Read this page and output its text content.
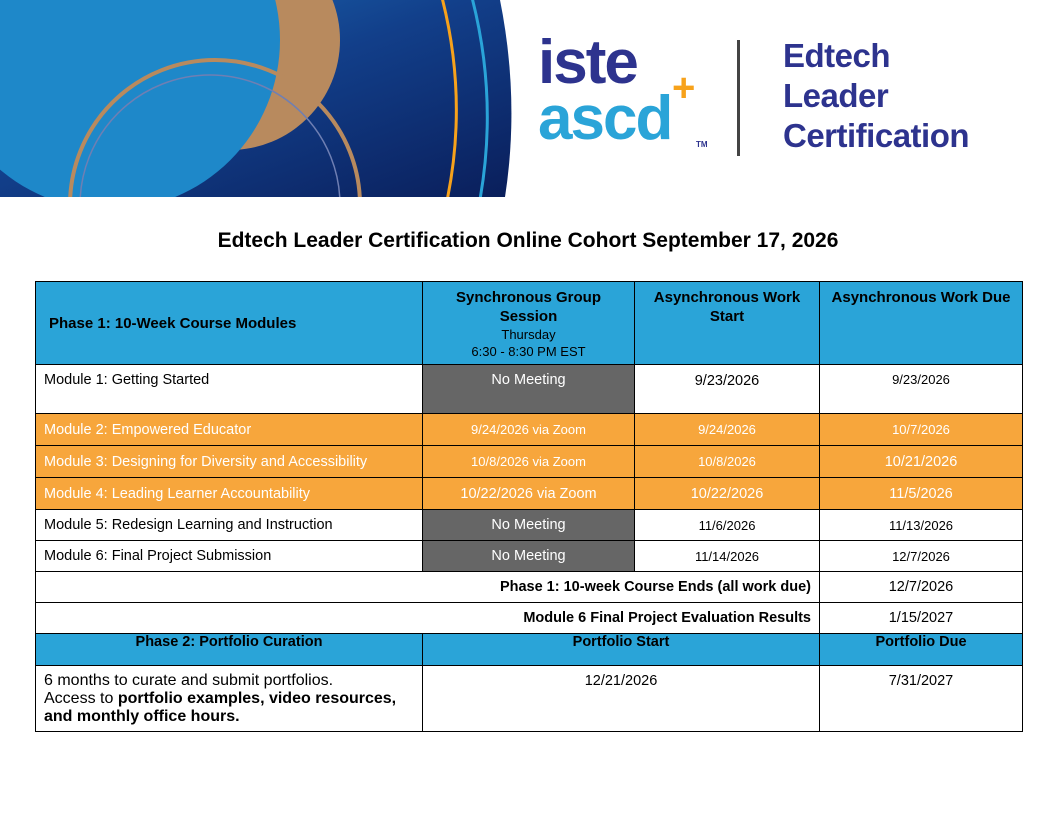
iste +
ascd	TM
Edtech
Leader
Certification
Edtech Leader Certification Online Cohort September 17, 2026
Phase 1: 10-Week Course Modules	Synchronous Group Session
Thursday
6:30 - 8:30 PM EST	Asynchronous Work Start	Asynchronous Work Due

Module 1: Getting Started	No Meeting	9/23/2026	9/23/2026
Module 2: Empowered Educator	9/24/2026 via Zoom	9/24/2026	10/7/2026
Module 3: Designing for Diversity and Accessibility	10/8/2026 via Zoom	10/8/2026	10/21/2026
Module 4: Leading Learner Accountability	10/22/2026 via Zoom	10/22/2026	11/5/2026
Module 5: Redesign Learning and Instruction	No Meeting	11/6/2026	11/13/2026
Module 6: Final Project Submission	No Meeting	11/14/2026	12/7/2026
Phase 1: 10-week Course Ends (all work due)			12/7/2026
Module 6 Final Project Evaluation Results			1/15/2027
Phase 2: Portfolio Curation	Portfolio Start		Portfolio Due
6 months to curate and submit portfolios.
Access to portfolio examples, video resources, and monthly office hours.	12/21/2026		7/31/2027
